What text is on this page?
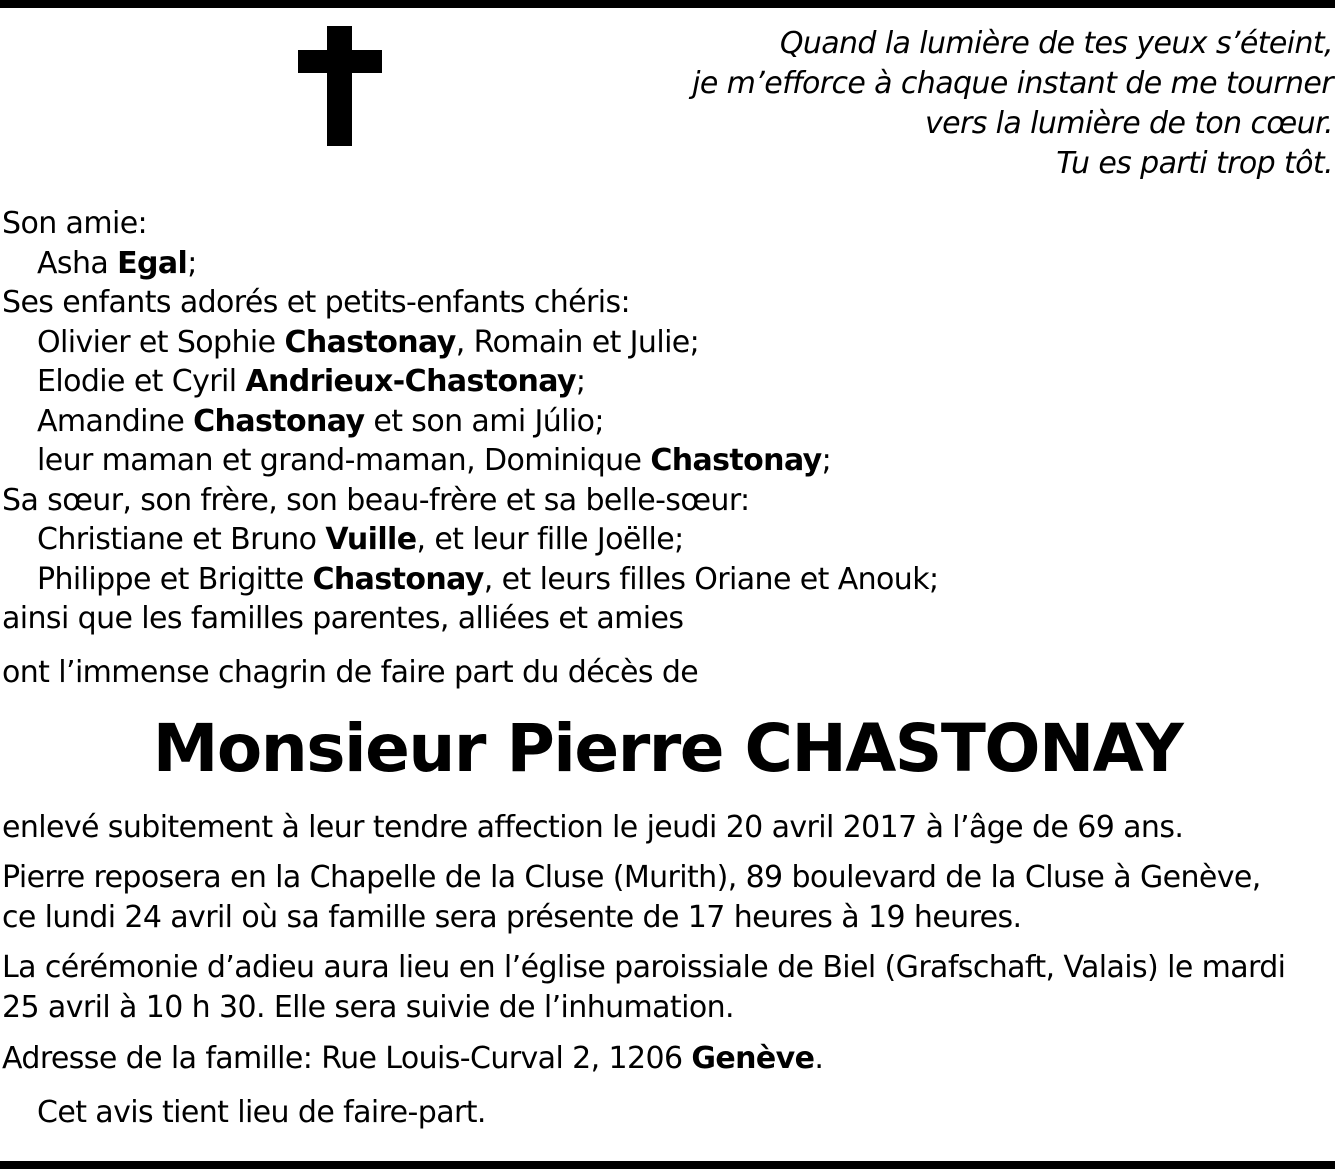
Quand la lumière de tes yeux s’éteint,
je m’efforce à chaque instant de me tourner
vers la lumière de ton cœur.
Tu es parti trop tôt.
Son amie:
Asha Egal;
Ses enfants adorés et petits-enfants chéris:
Olivier et Sophie Chastonay, Romain et Julie;
Elodie et Cyril Andrieux-Chastonay;
Amandine Chastonay et son ami Júlio;
leur maman et grand-maman, Dominique Chastonay;
Sa sœur, son frère, son beau-frère et sa belle-sœur:
Christiane et Bruno Vuille, et leur fille Joëlle;
Philippe et Brigitte Chastonay, et leurs filles Oriane et Anouk;
ainsi que les familles parentes, alliées et amies
ont l’immense chagrin de faire part du décès de
Monsieur Pierre CHASTONAY
enlevé subitement à leur tendre affection le jeudi 20 avril 2017 à l’âge de 69 ans.
Pierre reposera en la Chapelle de la Cluse (Murith), 89 boulevard de la Cluse à Genève,
ce lundi 24 avril où sa famille sera présente de 17 heures à 19 heures.
La cérémonie d’adieu aura lieu en l’église paroissiale de Biel (Grafschaft, Valais) le mardi
25 avril à 10 h 30. Elle sera suivie de l’inhumation.
Adresse de la famille: Rue Louis-Curval 2, 1206 Genève.
Cet avis tient lieu de faire-part.
